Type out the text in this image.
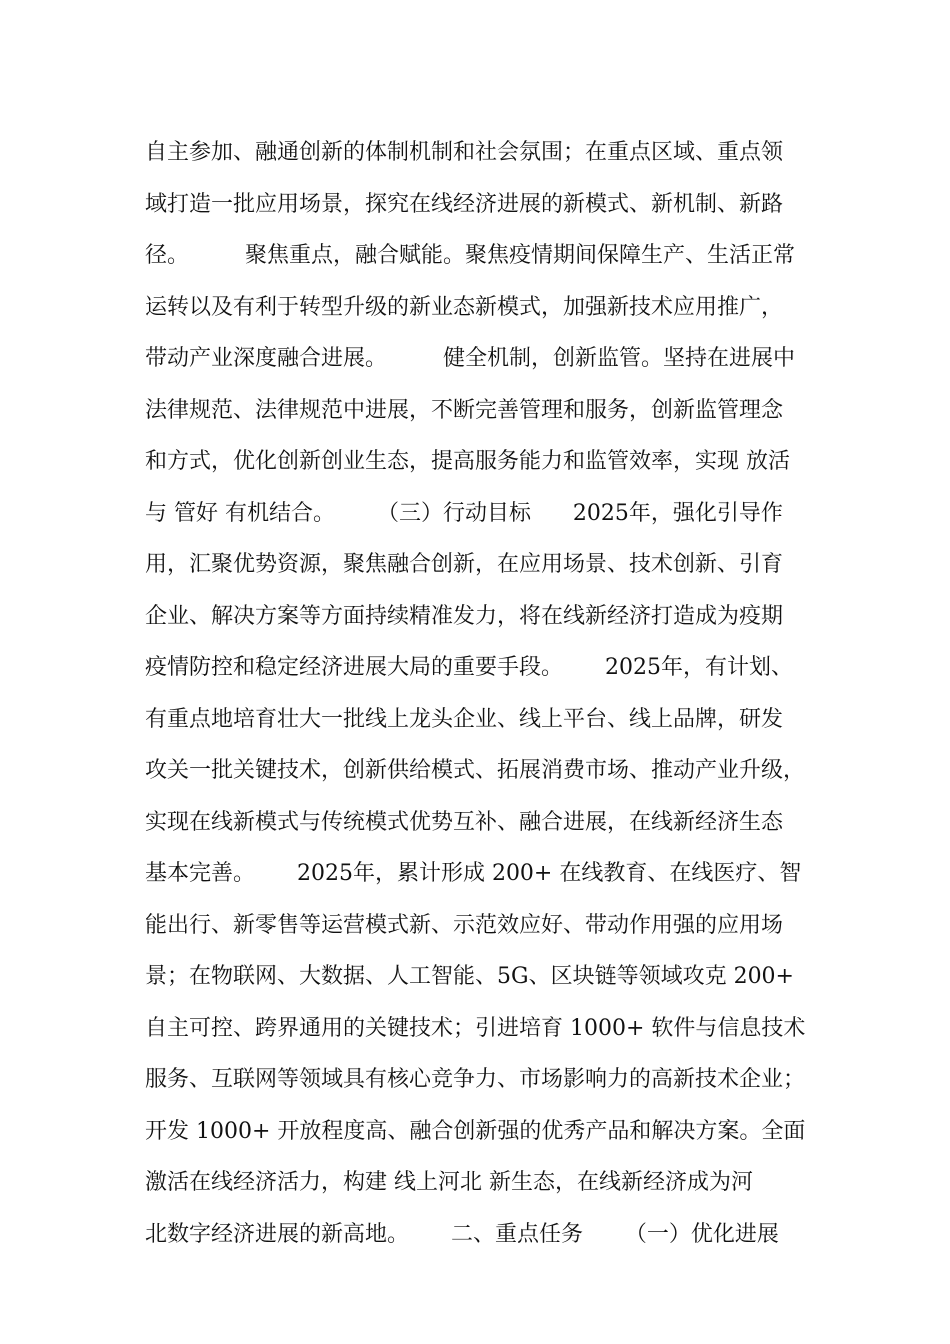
自主参加、融通创新的体制机制和社会氛围；在重点区域、重点领
域打造一批应用场景，探究在线经济进展的新模式、新机制、新路
径。        聚焦重点，融合赋能。聚焦疫情期间保障生产、生活正常
运转以及有利于转型升级的新业态新模式，加强新技术应用推广，
带动产业深度融合进展。        健全机制，创新监管。坚持在进展中
法律规范、法律规范中进展，不断完善管理和服务，创新监管理念
和方式，优化创新创业生态，提高服务能力和监管效率，实现 放活
与 管好 有机结合。      （三）行动目标      2025年，强化引导作
用，汇聚优势资源，聚焦融合创新，在应用场景、技术创新、引育
企业、解决方案等方面持续精准发力，将在线新经济打造成为疫期
疫情防控和稳定经济进展大局的重要手段。      2025年，有计划、
有重点地培育壮大一批线上龙头企业、线上平台、线上品牌，研发
攻关一批关键技术，创新供给模式、拓展消费市场、推动产业升级，
实现在线新模式与传统模式优势互补、融合进展，在线新经济生态
基本完善。      2025年，累计形成 200+ 在线教育、在线医疗、智
能出行、新零售等运营模式新、示范效应好、带动作用强的应用场
景；在物联网、大数据、人工智能、5G、区块链等领域攻克 200+
自主可控、跨界通用的关键技术；引进培育 1000+ 软件与信息技术
服务、互联网等领域具有核心竞争力、市场影响力的高新技术企业；
开发 1000+ 开放程度高、融合创新强的优秀产品和解决方案。全面
激活在线经济活力，构建 线上河北 新生态，在线新经济成为河
北数字经济进展的新高地。      二、重点任务      （一）优化进展
